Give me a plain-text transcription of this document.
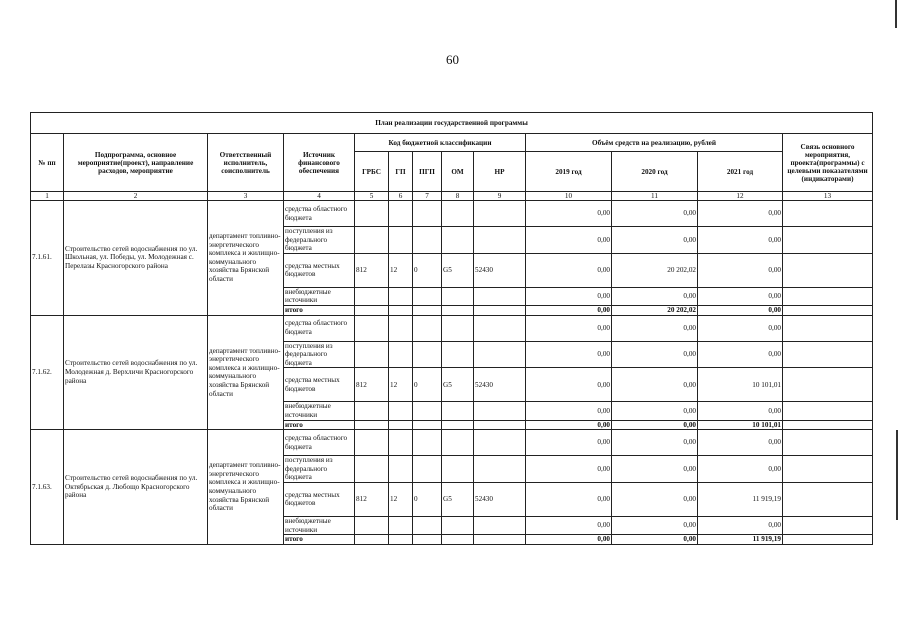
60
План реализации государственной программы												
№ пп	Подпрограмма, основное мероприятие(проект), направление расходов, мероприятие	Ответственный исполнитель, соисполнитель	Источник финансового обеспечения	Код бюджетной классификации					Объём средств на реализацию, рублей			Связь основного мероприятия, проекта(программы) с целевыми показателями (индикаторами)
				ГРБС	ГП	ПГП	ОМ	НР	2019 год	2020 год	2021 год	
1	2	3	4	5	6	7	8	9	10	11	12	13
7.1.61.	Строительство сетей водоснабжения по ул. Школьная, ул. Победы, ул. Молодежная с. Перелазы Красногорского района	департамент топливно-энергетического комплекса и жилищно-коммунального хозяйства Брянской области	средства областного бюджета						0,00	0,00	0,00	
			поступления из федерального бюджета						0,00	0,00	0,00	
			средства местных бюджетов	812	12	0	G5	52430	0,00	20 202,02	0,00	
			внебюджетные источники						0,00	0,00	0,00	
			итого						0,00	20 202,02	0,00	
7.1.62.	Строительство сетей водоснабжения по ул. Молодежная д. Верхличи Красногорского района	департамент топливно-энергетического комплекса и жилищно-коммунального хозяйства Брянской области	средства областного бюджета						0,00	0,00	0,00	
			поступления из федерального бюджета						0,00	0,00	0,00	
			средства местных бюджетов	812	12	0	G5	52430	0,00	0,00	10 101,01	
			внебюджетные источники						0,00	0,00	0,00	
			итого						0,00	0,00	10 101,01	
7.1.63.	Строительство сетей водоснабжения по ул. Октябрьская д. Любощо Красногорского района	департамент топливно-энергетического комплекса и жилищно-коммунального хозяйства Брянской области	средства областного бюджета						0,00	0,00	0,00	
			поступления из федерального бюджета						0,00	0,00	0,00	
			средства местных бюджетов	812	12	0	G5	52430	0,00	0,00	11 919,19	
			внебюджетные источники						0,00	0,00	0,00	
			итого						0,00	0,00	11 919,19	
